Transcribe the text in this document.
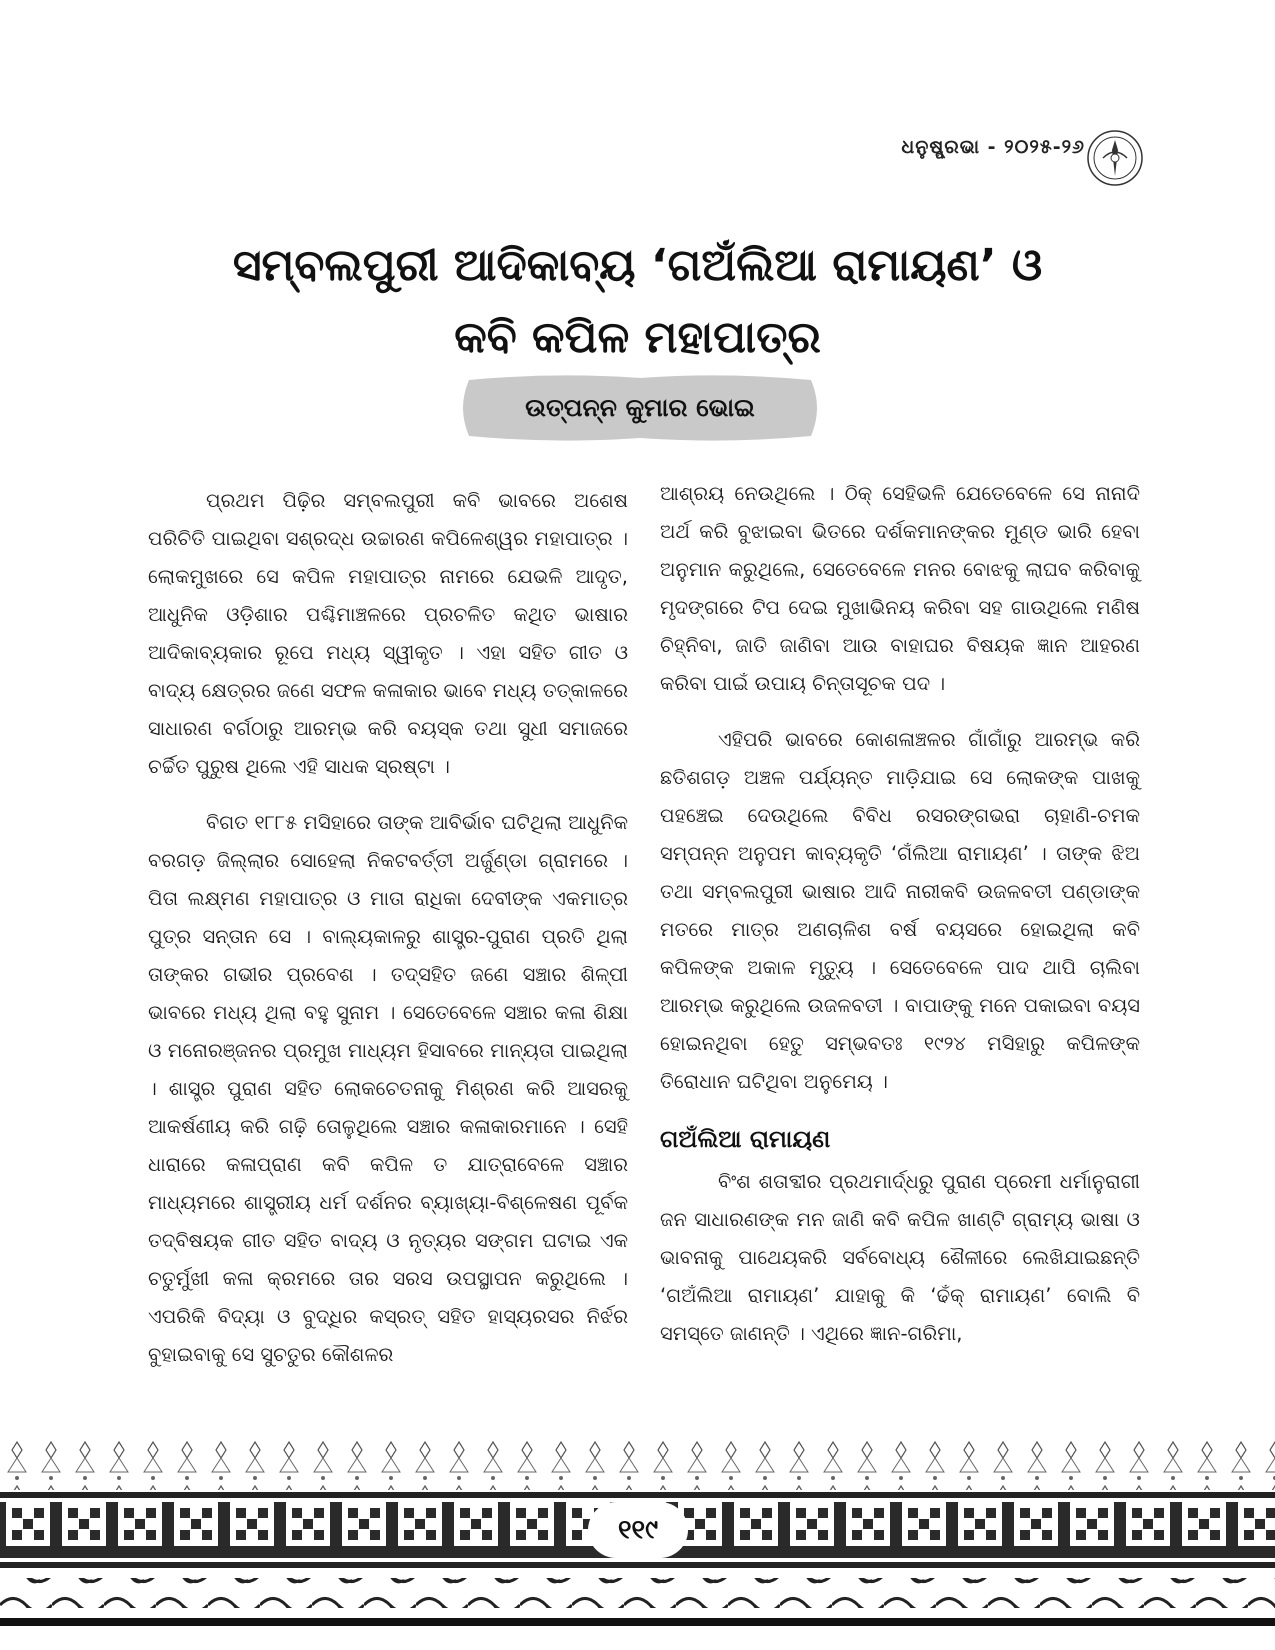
ଧନୁଷ୍ପ୍ରଭା - ୨୦୨୫-୨୬
ସମ୍ବଲପୁରୀ ଆଦିକାବ୍ୟ ‘ଗଅଁଲିଆ ରାମାୟଣ’ ଓ
କବି କପିଳ ମହାପାତ୍ର
ଉତ୍ପନ୍ନ କୁମାର ଭୋଇ

ପ୍ରଥମ ପିଢ଼ିର ସମ୍ବଲପୁରୀ କବି ଭାବରେ ଅଶେଷ ପରିଚିତି ପାଇଥିବା ସଶ୍ରଦ୍ଧ ଉଚ୍ଚାରଣ କପିଳେଶ୍ୱର ମହାପାତ୍ର । ଲୋକମୁଖରେ ସେ କପିଳ ମହାପାତ୍ର ନାମରେ ଯେଭଳି ଆଦୃତ, ଆଧୁନିକ ଓଡ଼ିଶାର ପଶ୍ଚିମାଞ୍ଚଳରେ ପ୍ରଚଳିତ କଥିତ ଭାଷାର ଆଦିକାବ୍ୟକାର ରୂପେ ମଧ୍ୟ ସ୍ୱୀକୃତ । ଏହା ସହିତ ଗୀତ ଓ ବାଦ୍ୟ କ୍ଷେତ୍ରର ଜଣେ ସଫଳ କଳାକାର ଭାବେ ମଧ୍ୟ ତତ୍କାଳରେ ସାଧାରଣ ବର୍ଗଠାରୁ ଆରମ୍ଭ କରି ବୟସ୍କ ତଥା ସୁଧୀ ସମାଜରେ ଚର୍ଚ୍ଚିତ ପୁରୁଷ ଥିଲେ ଏହି ସାଧକ ସ୍ରଷ୍ଟା ।

ବିଗତ ୧୮୮୫ ମସିହାରେ ତାଙ୍କ ଆବିର୍ଭାବ ଘଟିଥିଲା ଆଧୁନିକ ବରଗଡ଼ ଜିଲ୍ଲାର ସୋହେଲା ନିକଟବର୍ତ୍ତୀ ଅର୍ଜୁଣ୍ଡା ଗ୍ରାମରେ । ପିତା ଲକ୍ଷ୍ମଣ ମହାପାତ୍ର ଓ ମାତା ରାଧିକା ଦେବୀଙ୍କ ଏକମାତ୍ର ପୁତ୍ର ସନ୍ତାନ ସେ । ବାଲ୍ୟକାଳରୁ ଶାସ୍ତ୍ର-ପୁରାଣ ପ୍ରତି ଥିଲା ତାଙ୍କର ଗଭୀର ପ୍ରବେଶ । ତଦ୍‌ସହିତ ଜଣେ ସଞ୍ଚାର ଶିଳ୍ପୀ ଭାବରେ ମଧ୍ୟ ଥିଲା ବହୁ ସୁନାମ । ସେତେବେଳେ ସଞ୍ଚାର କଳା ଶିକ୍ଷା ଓ ମନୋରଞ୍ଜନର ପ୍ରମୁଖ ମାଧ୍ୟମ ହିସାବରେ ମାନ୍ୟତା ପାଇଥିଲା । ଶାସ୍ତ୍ର ପୁରାଣ ସହିତ ଲୋକଚେତନାକୁ ମିଶ୍ରଣ କରି ଆସରକୁ ଆକର୍ଷଣୀୟ କରି ଗଢ଼ି ତୋଳୁଥିଲେ ସଞ୍ଚାର କଳାକାରମାନେ । ସେହି ଧାରାରେ କଳାପ୍ରାଣ କବି କପିଳ ତ ଯାତ୍ରାବେଳେ ସଞ୍ଚାର ମାଧ୍ୟମରେ ଶାସ୍ତ୍ରୀୟ ଧର୍ମ ଦର୍ଶନର ବ୍ୟାଖ୍ୟା-ବିଶ୍ଳେଷଣ ପୂର୍ବକ ତଦ୍‌ବିଷୟକ ଗୀତ ସହିତ ବାଦ୍ୟ ଓ ନୃତ୍ୟର ସଙ୍ଗମ ଘଟାଇ ଏକ ଚତୁର୍ମୁଖୀ କଳା କ୍ରମରେ ତାର ସରସ ଉପସ୍ଥାପନ କରୁଥିଲେ । ଏପରିକି ବିଦ୍ୟା ଓ ବୁଦ୍ଧିର କସ୍‌ରତ୍ ସହିତ ହାସ୍ୟରସର ନିର୍ଝର ବୁହାଇବାକୁ ସେ ସୁଚତୁର କୌଶଳର

ଆଶ୍ରୟ ନେଉଥିଲେ । ଠିକ୍ ସେହିଭଳି ଯେତେବେଳେ ସେ ନାନାଦି ଅର୍ଥ କରି ବୁଝାଇବା ଭିତରେ ଦର୍ଶକମାନଙ୍କର ମୁଣ୍ଡ ଭାରି ହେବା ଅନୁମାନ କରୁଥିଲେ, ସେତେବେଳେ ମନର ବୋଝକୁ ଲାଘବ କରିବାକୁ ମୃଦଙ୍ଗରେ ଟିପ ଦେଇ ମୁଖାଭିନୟ କରିବା ସହ ଗାଉଥିଲେ ମଣିଷ ଚିହ୍ନିବା, ଜାତି ଜାଣିବା ଆଉ ବାହାଘର ବିଷୟକ ଜ୍ଞାନ ଆହରଣ କରିବା ପାଇଁ ଉପାୟ ଚିନ୍ତାସୂଚକ ପଦ ।

ଏହିପରି ଭାବରେ କୋଶଳାଞ୍ଚଳର ଗାଁଗାଁରୁ ଆରମ୍ଭ କରି ଛତିଶଗଡ଼ ଅଞ୍ଚଳ ପର୍ଯ୍ୟନ୍ତ ମାଡ଼ିଯାଇ ସେ ଲୋକଙ୍କ ପାଖକୁ ପହଞ୍ଚେଇ ଦେଉଥିଲେ ବିବିଧ ରସରଙ୍ଗଭରା ଚାହାଣି-ଚମକ ସମ୍ପନ୍ନ ଅନୁପମ କାବ୍ୟକୃତି ‘ଗଁଲିଆ ରାମାୟଣ’ । ତାଙ୍କ ଝିଅ ତଥା ସମ୍ବଲପୁରୀ ଭାଷାର ଆଦି ନାରୀକବି ଉଜଳବତୀ ପଣ୍ଡାଙ୍କ ମତରେ ମାତ୍ର ଅଣଚାଳିଶ ବର୍ଷ ବୟସରେ ହୋଇଥିଲା କବି କପିଳଙ୍କ ଅକାଳ ମୃତ୍ୟୁ । ସେତେବେଳେ ପାଦ ଥାପି ଚାଲିବା ଆରମ୍ଭ କରୁଥିଲେ ଉଜଳବତୀ । ବାପାଙ୍କୁ ମନେ ପକାଇବା ବୟସ ହୋଇନଥିବା ହେତୁ ସମ୍ଭବତଃ ୧୯୨୪ ମସିହାରୁ କପିଳଙ୍କ ତିରୋଧାନ ଘଟିଥିବା ଅନୁମେୟ ।

ଗଅଁଲିଆ ରାମାୟଣ

ବିଂଶ ଶତାବ୍ଦୀର ପ୍ରଥମାର୍ଦ୍ଧରୁ ପୁରାଣ ପ୍ରେମୀ ଧର୍ମାନୁରାଗୀ ଜନ ସାଧାରଣଙ୍କ ମନ ଜାଣି କବି କପିଳ ଖାଣ୍ଟି ଗ୍ରାମ୍ୟ ଭାଷା ଓ ଭାବନାକୁ ପାଥେୟକରି ସର୍ବବୋଧ୍ୟ ଶୈଳୀରେ ଲେଖିଯାଇଛନ୍ତି ‘ଗଅଁଲିଆ ରାମାୟଣ’ ଯାହାକୁ କି ‘ଢଁକ୍ ରାମାୟଣ’ ବୋଲି ବି ସମସ୍ତେ ଜାଣନ୍ତି । ଏଥିରେ ଜ୍ଞାନ-ଗରିମା,

୧୧୯
